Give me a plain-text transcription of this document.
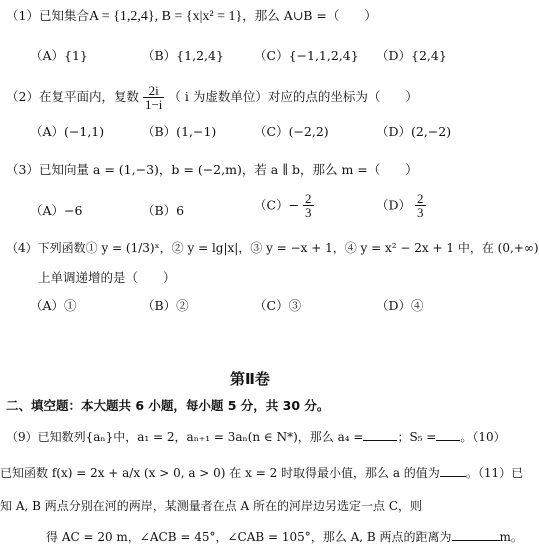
（1）已知集合A = {1,2,4}, B = {x|x² = 1}，那么 A∪B =（　　）
（A）{1}	（B）{1,2,4} （C）{−1,1,2,4} （D）{2,4}
（2）在复平面内，复数 $\frac{2i}{1-i}$ （ i 为虚数单位）对应的点的坐标为（　　）
（A）(−1,1)	（B）(1,−1)	（C）(−2,2)	（D）(2,−2)
（3）已知向量 a = (1,−3)，b = (−2,m)，若 a ∥ b，那么 m =（　　）
（A）−6	（B）6	$(C)- \frac{2}{3}$	$(D) \frac{2}{3}$
（4）下列函数① y = (1/3)ˣ，② y = lg|x|，③ y = −x + 1，④ y = x² − 2x + 1 中，在 (0,+∞)
上单调递增的是（　　）
（A）①	（B）②	（C）③	（D）④
第Ⅱ卷
二、填空题：本大题共 6 小题，每小题 5 分，共 30 分。
（9）已知数列{aₙ}中，a₁ = 2，aₙ₊₁ = 3aₙ(n ∈ N*)，那么 a₄ =	；S₅ = 。（10）
已知函数 f(x) = 2x + a/x (x > 0, a > 0) 在 x = 2 时取得最小值，那么 a 的值为 。（11）已
知 A, B 两点分别在河的两岸，某测量者在点 A 所在的河岸边另选定一点 C，则
得 AC = 20 m，∠ACB = 45°，∠CAB = 105°，那么 A, B 两点的距离为	m。
